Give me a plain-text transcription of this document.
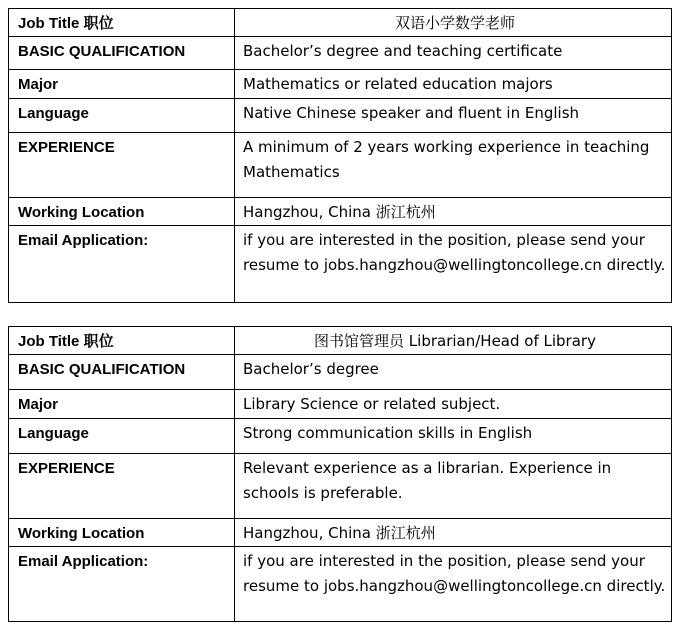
Job Title 职位	双语小学数学老师
BASIC QUALIFICATION	Bachelor’s degree and teaching certificate
Major	Mathematics or related education majors
Language	Native Chinese speaker and fluent in English
EXPERIENCE	A minimum of 2 years working experience in teaching Mathematics
Working Location	Hangzhou, China 浙江杭州
Email Application:	if you are interested in the position, please send your resume to jobs.hangzhou@wellingtoncollege.cn directly.
Job Title 职位	图书馆管理员 Librarian/Head of Library
BASIC QUALIFICATION	Bachelor’s degree
Major	Library Science or related subject.
Language	Strong communication skills in English
EXPERIENCE	Relevant experience as a librarian. Experience in schools is preferable.
Working Location	Hangzhou, China 浙江杭州
Email Application:	if you are interested in the position, please send your resume to jobs.hangzhou@wellingtoncollege.cn directly.
